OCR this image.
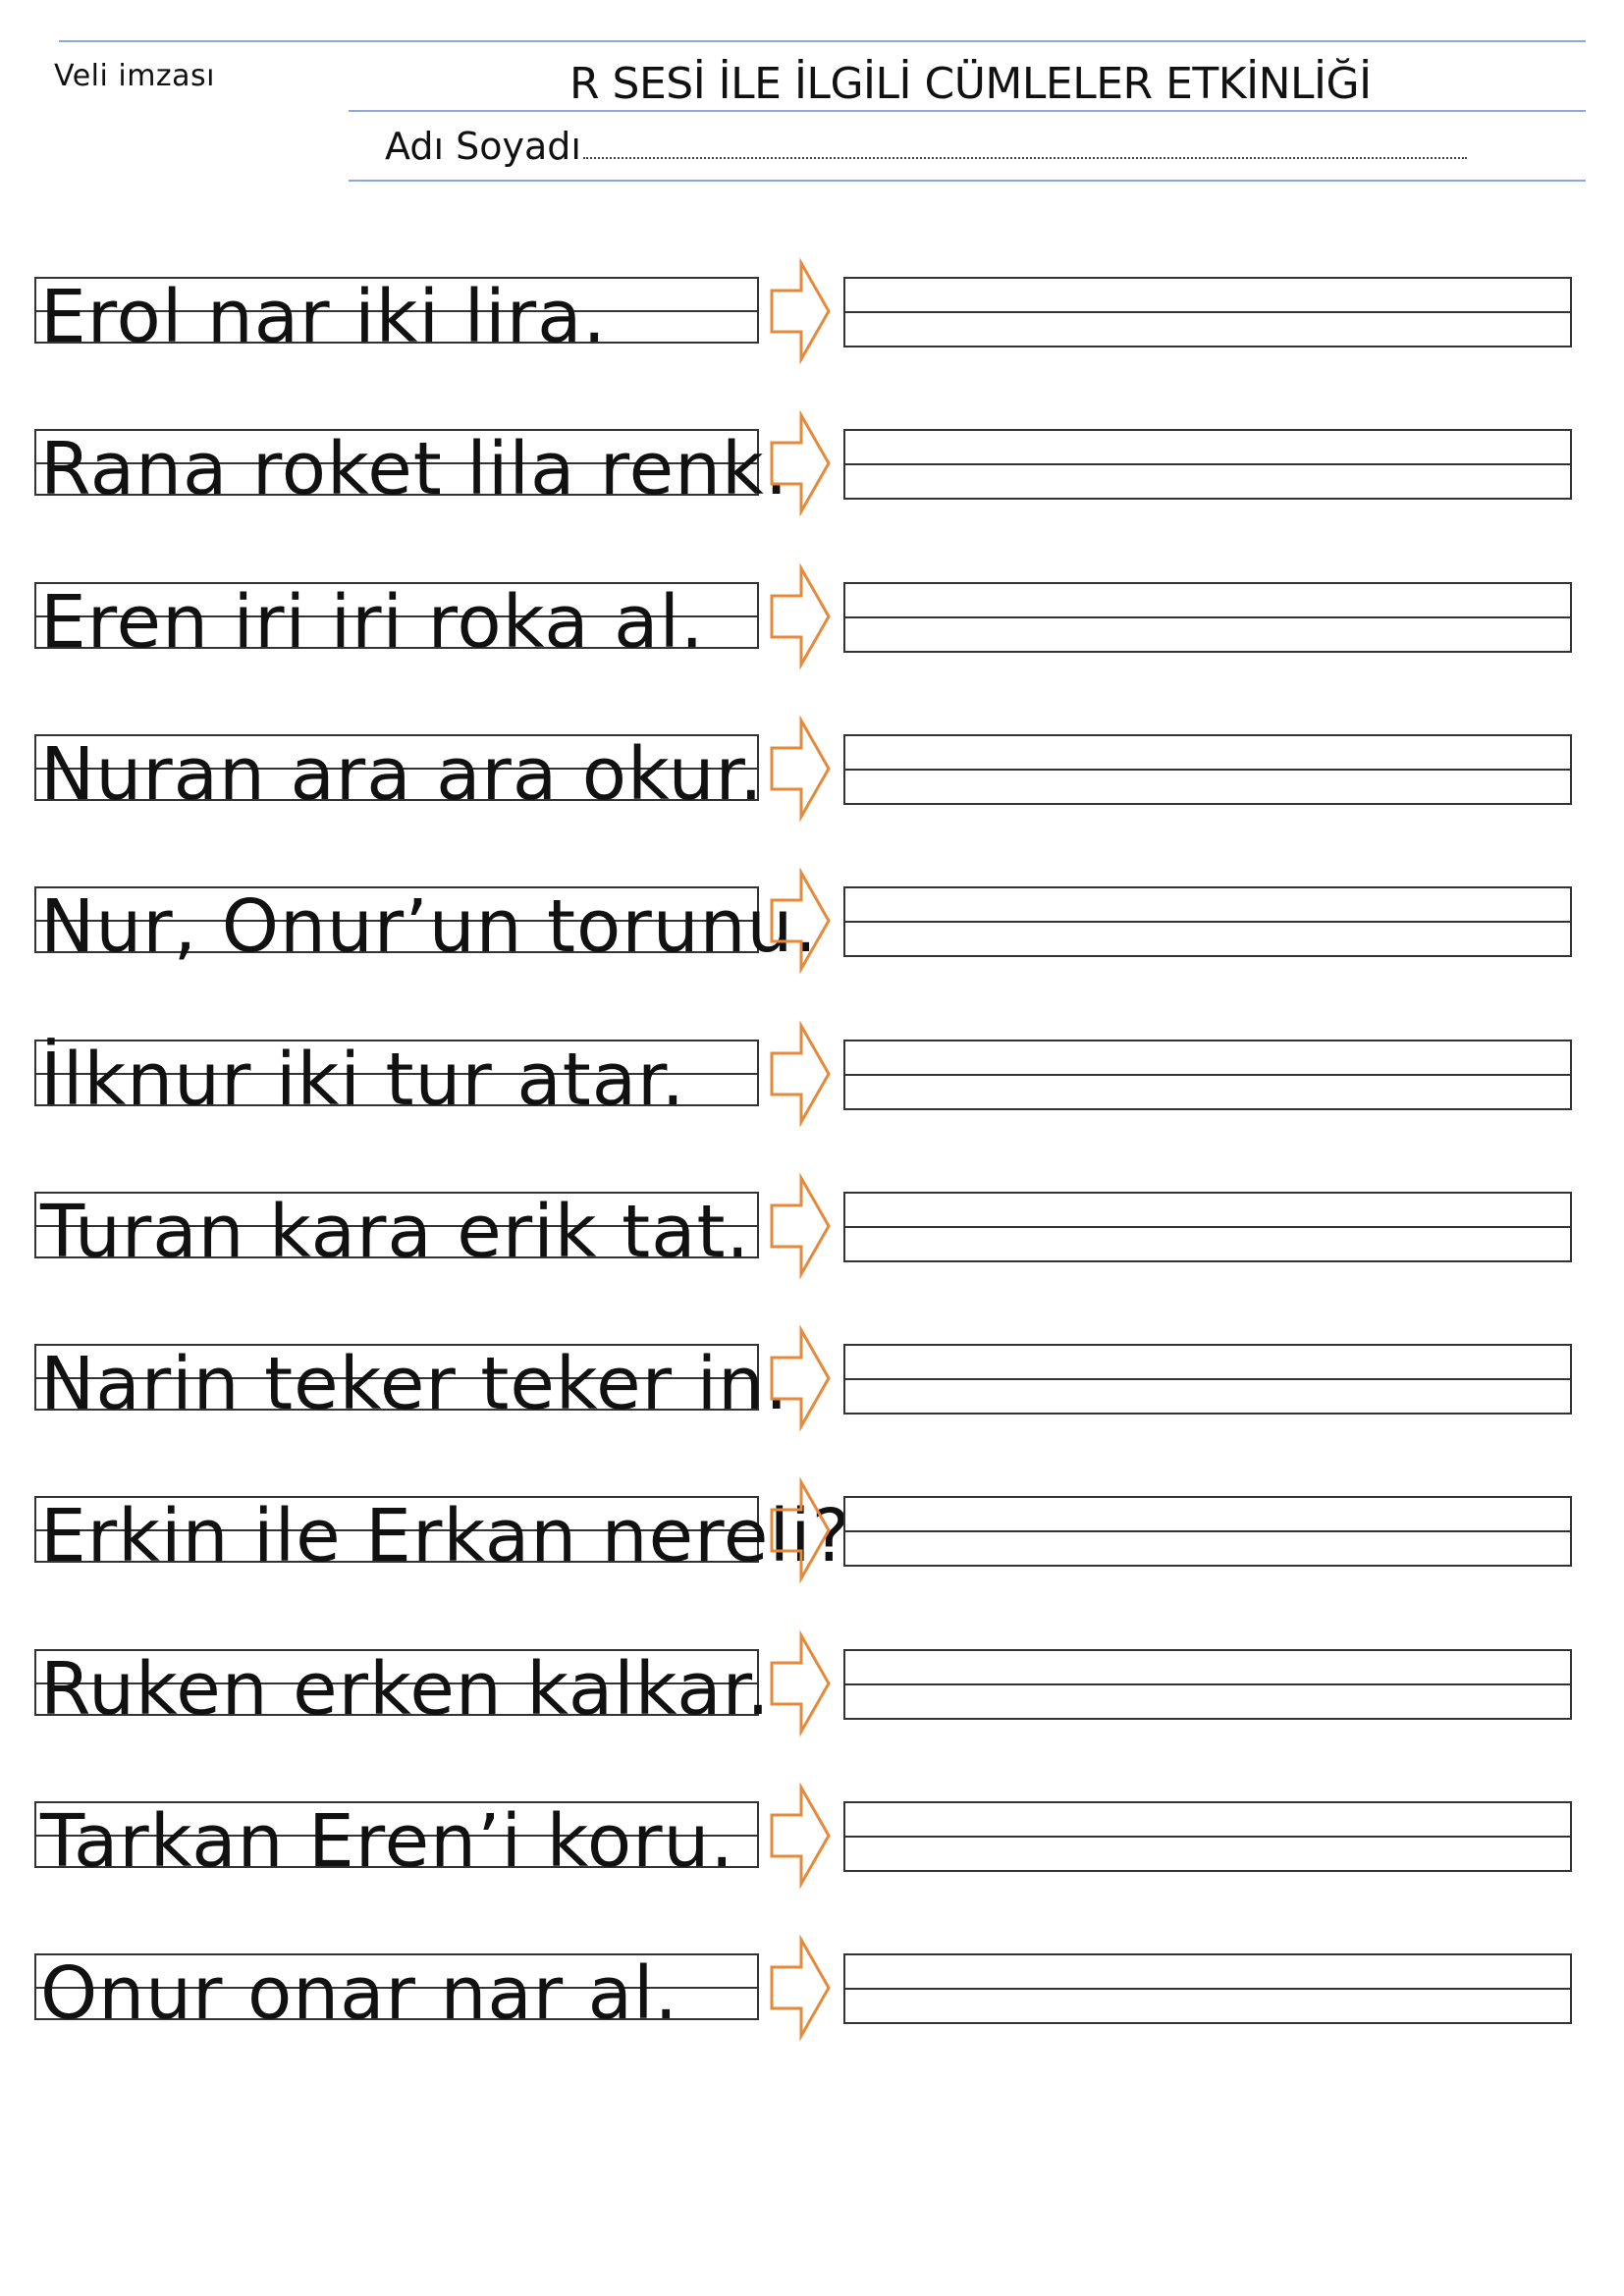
Veli imzası	R SESİ İLE İLGİLİ CÜMLELER ETKİNLİĞİ
Adı Soyadı
Erol nar iki lira.
Rana roket lila renk.
Eren iri iri roka al.
Nuran ara ara okur.
Nur, Onur’un torunu.
İlknur iki tur atar.
Turan kara erik tat.
Narin teker teker in.
Erkin ile Erkan nereli?
Ruken erken kalkar.
Tarkan Eren’i koru.
Onur onar nar al.
